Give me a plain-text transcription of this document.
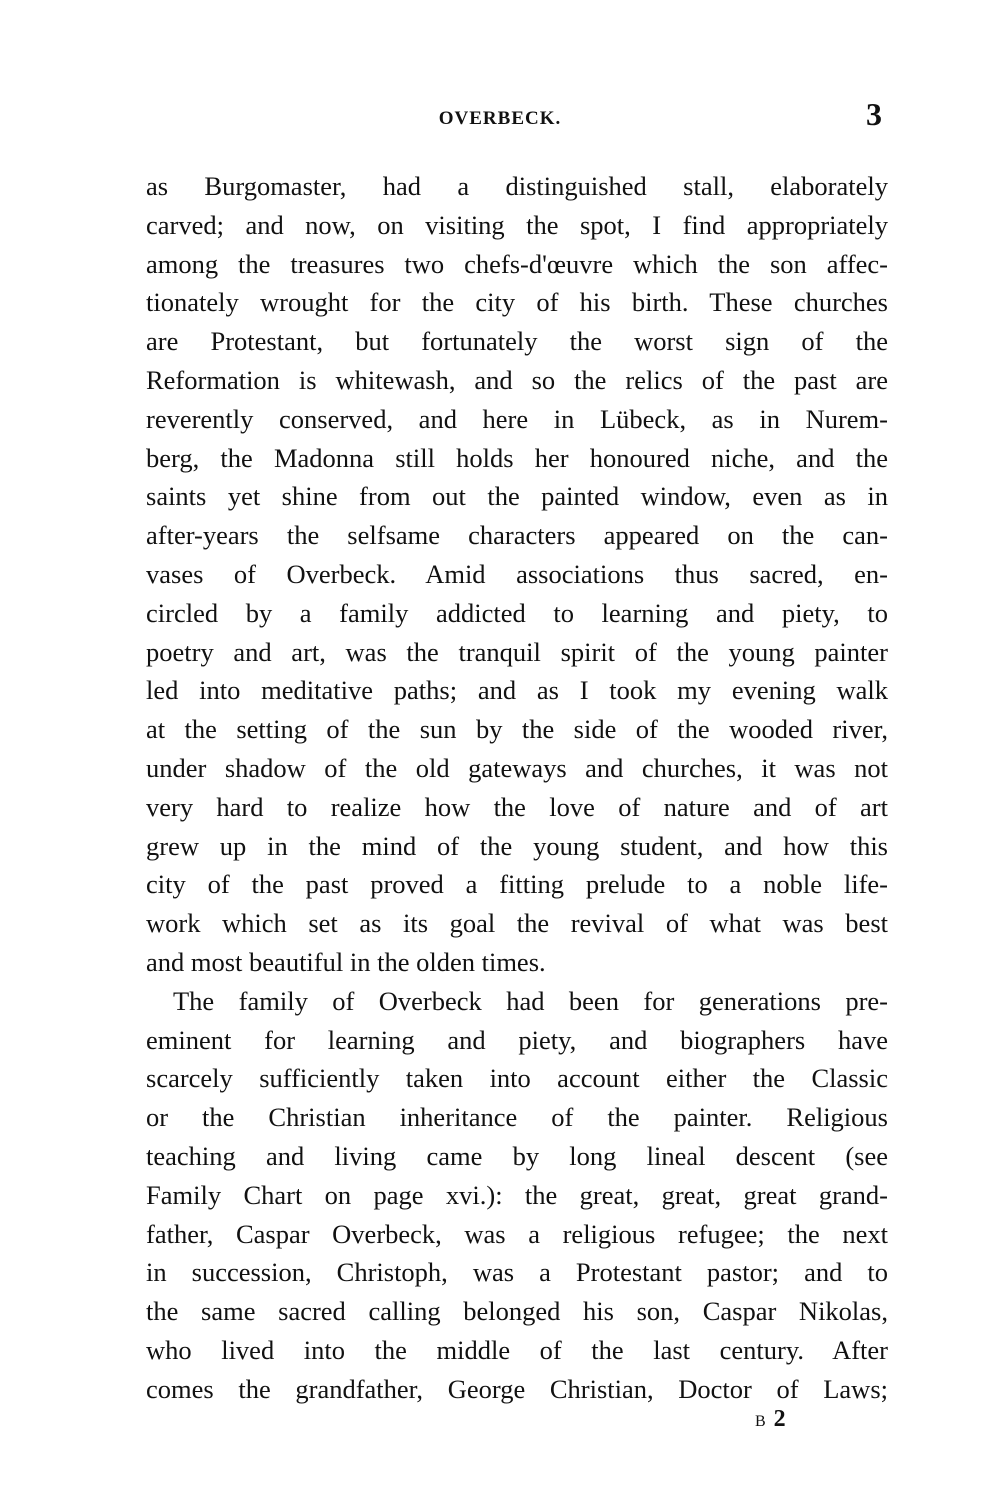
OVERBECK.	3
as Burgomaster, had a distinguished stall, elaborately
carved; and now, on visiting the spot, I find appropriately
among the treasures two chefs-d'œuvre which the son affec-
tionately wrought for the city of his birth. These churches
are Protestant, but fortunately the worst sign of the
Reformation is whitewash, and so the relics of the past are
reverently conserved, and here in Lübeck, as in Nurem-
berg, the Madonna still holds her honoured niche, and the
saints yet shine from out the painted window, even as in
after-years the selfsame characters appeared on the can-
vases of Overbeck. Amid associations thus sacred, en-
circled by a family addicted to learning and piety, to
poetry and art, was the tranquil spirit of the young painter
led into meditative paths; and as I took my evening walk
at the setting of the sun by the side of the wooded river,
under shadow of the old gateways and churches, it was not
very hard to realize how the love of nature and of art
grew up in the mind of the young student, and how this
city of the past proved a fitting prelude to a noble life-
work which set as its goal the revival of what was best
and most beautiful in the olden times.
The family of Overbeck had been for generations pre-
eminent for learning and piety, and biographers have
scarcely sufficiently taken into account either the Classic
or the Christian inheritance of the painter. Religious
teaching and living came by long lineal descent (see
Family Chart on page xvi.): the great, great, great grand-
father, Caspar Overbeck, was a religious refugee; the next
in succession, Christoph, was a Protestant pastor; and to
the same sacred calling belonged his son, Caspar Nikolas,
who lived into the middle of the last century. After
comes the grandfather, George Christian, Doctor of Laws;
B 2
